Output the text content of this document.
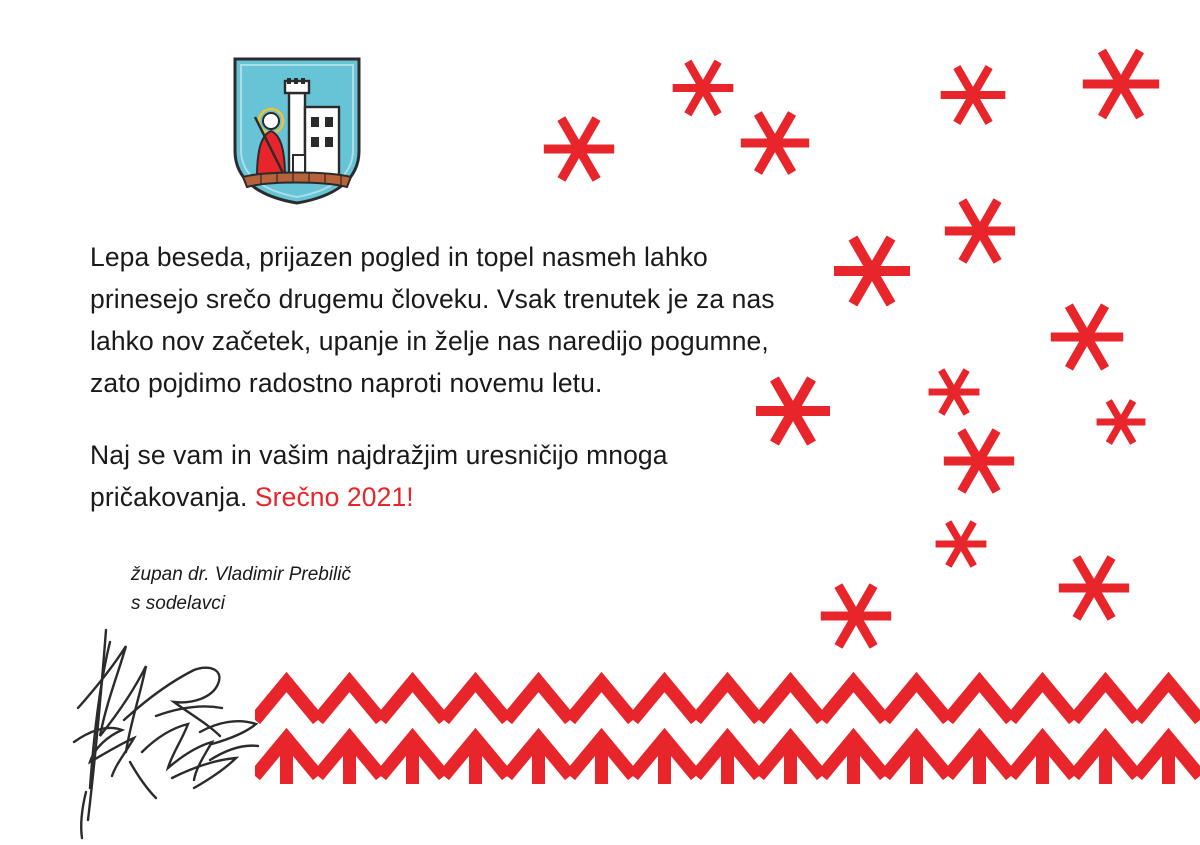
Lepa beseda, prijazen pogled in topel nasmeh lahko
prinesejo srečo drugemu človeku. Vsak trenutek je za nas
lahko nov začetek, upanje in želje nas naredijo pogumne,
zato pojdimo radostno naproti novemu letu.
Naj se vam in vašim najdražjim uresničijo mnoga
pričakovanja. Srečno 2021!
župan dr. Vladimir Prebilič
s sodelavci
